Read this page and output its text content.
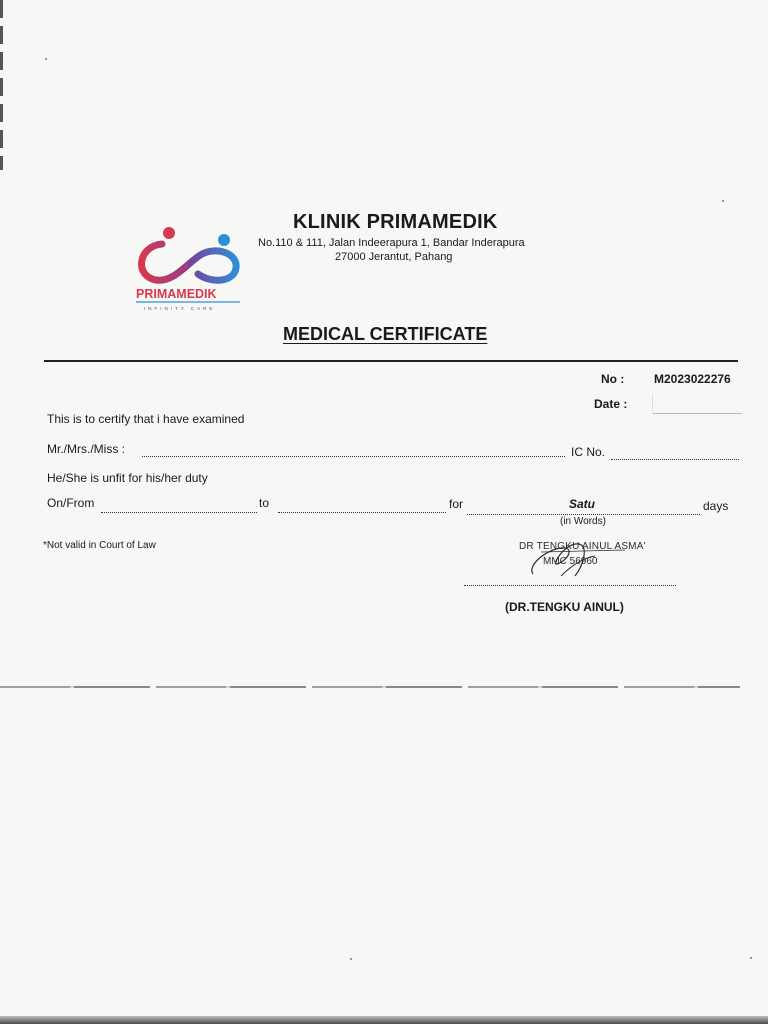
PRIMAMEDIK
INFINITY CARE
KLINIK PRIMAMEDIK
No.110 & 111, Jalan Indeerapura 1, Bandar Inderapura
27000 Jerantut, Pahang
MEDICAL CERTIFICATE
No : M2023022276
Date :
This is to certify that i have examined
Mr./Mrs./Miss :	IC No.
He/She is unfit for his/her duty
On/From	to	for	Satu	days
(in Words)
*Not valid in Court of Law	DR TENGKU AINUL ASMA'
MMC 56960
(DR.TENGKU AINUL)
